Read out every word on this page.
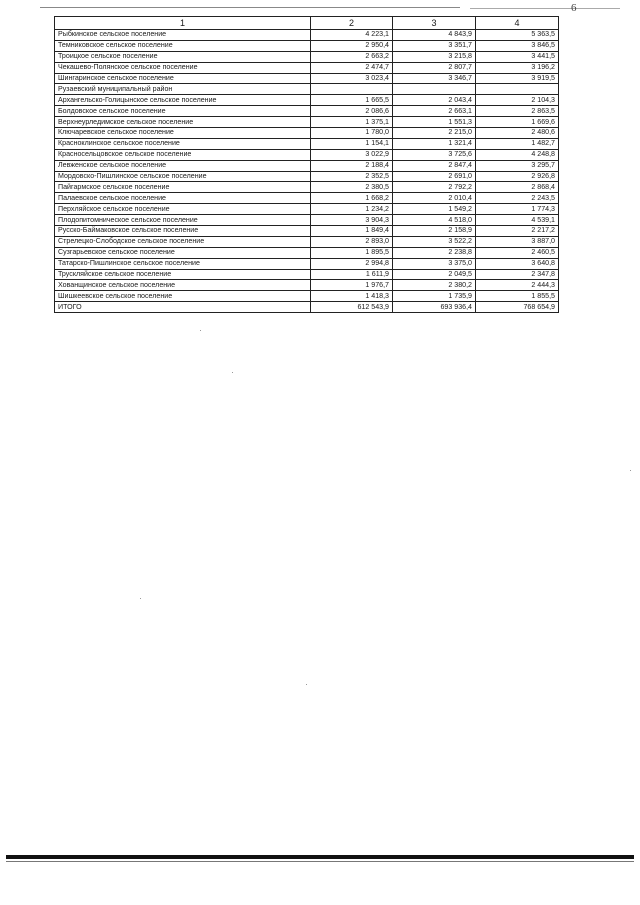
6
1	2	3	4
Рыбкинское сельское поселение	4 223,1	4 843,9	5 363,5
Темниковское сельское поселение	2 950,4	3 351,7	3 846,5
Троицкое сельское поселение	2 663,2	3 215,8	3 441,5
Чекашево-Полянское сельское поселение	2 474,7	2 807,7	3 196,2
Шингаринское сельское поселение	3 023,4	3 346,7	3 919,5
Рузаевский муниципальный район			
Архангельско-Голицынское сельское поселение	1 665,5	2 043,4	2 104,3
Болдовское сельское поселение	2 086,6	2 663,1	2 863,5
Верхнеурледимское сельское поселение	1 375,1	1 551,3	1 669,6
Ключаревское сельское поселение	1 780,0	2 215,0	2 480,6
Красноклинское сельское поселение	1 154,1	1 321,4	1 482,7
Красносельцовское сельское поселение	3 022,9	3 725,6	4 248,8
Левженское сельское поселение	2 188,4	2 847,4	3 295,7
Мордовско-Пишлинское сельское поселение	2 352,5	2 691,0	2 926,8
Пайгармское сельское поселение	2 380,5	2 792,2	2 868,4
Палаевское сельское поселение	1 668,2	2 010,4	2 243,5
Перхляйское сельское поселение	1 234,2	1 549,2	1 774,3
Плодопитомническое сельское поселение	3 904,3	4 518,0	4 539,1
Русско-Баймаковское сельское поселение	1 849,4	2 158,9	2 217,2
Стрелецко-Слободское сельское поселение	2 893,0	3 522,2	3 887,0
Сузгарьевское сельское поселение	1 895,5	2 238,8	2 460,5
Татарско-Пишлинское сельское поселение	2 994,8	3 375,0	3 640,8
Трускляйское сельское поселение	1 611,9	2 049,5	2 347,8
Хованщинское сельское поселение	1 976,7	2 380,2	2 444,3
Шишкеевское сельское поселение	1 418,3	1 735,9	1 855,5
ИТОГО	612 543,9	693 936,4	768 654,9
